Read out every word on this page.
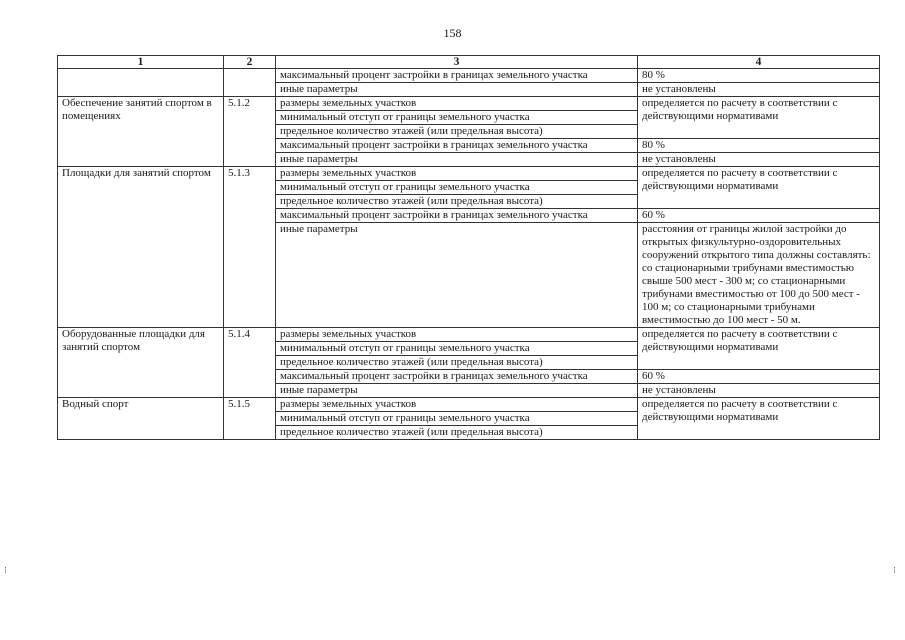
158
1	2	3	4
		максимальный процент застройки в границах земельного участка	80 %
		иные параметры	не установлены
Обеспечение занятий спортом в помещениях	5.1.2	размеры земельных участков	определяется по расчету в соответствии с действующими нормативами
		минимальный отступ от границы земельного участка	
		предельное количество этажей (или предельная высота)	
		максимальный процент застройки в границах земельного участка	80 %
		иные параметры	не установлены
Площадки для занятий спортом	5.1.3	размеры земельных участков	определяется по расчету в соответствии с действующими нормативами
		минимальный отступ от границы земельного участка	
		предельное количество этажей (или предельная высота)	
		максимальный процент застройки в границах земельного участка	60 %
		иные параметры	расстояния от границы жилой застройки до открытых физкультурно-оздоровительных сооружений открытого типа должны составлять: со стационарными трибунами вместимостью свыше 500 мест - 300 м; со стационарными трибунами вместимостью от 100 до 500 мест - 100 м; со стационарными трибунами вместимостью до 100 мест - 50 м.
Оборудованные площадки для занятий спортом	5.1.4	размеры земельных участков	определяется по расчету в соответствии с действующими нормативами
		минимальный отступ от границы земельного участка	
		предельное количество этажей (или предельная высота)	
		максимальный процент застройки в границах земельного участка	60 %
		иные параметры	не установлены
Водный спорт	5.1.5	размеры земельных участков	определяется по расчету в соответствии с действующими нормативами
		минимальный отступ от границы земельного участка	
		предельное количество этажей (или предельная высота)	
⁝	⁝
